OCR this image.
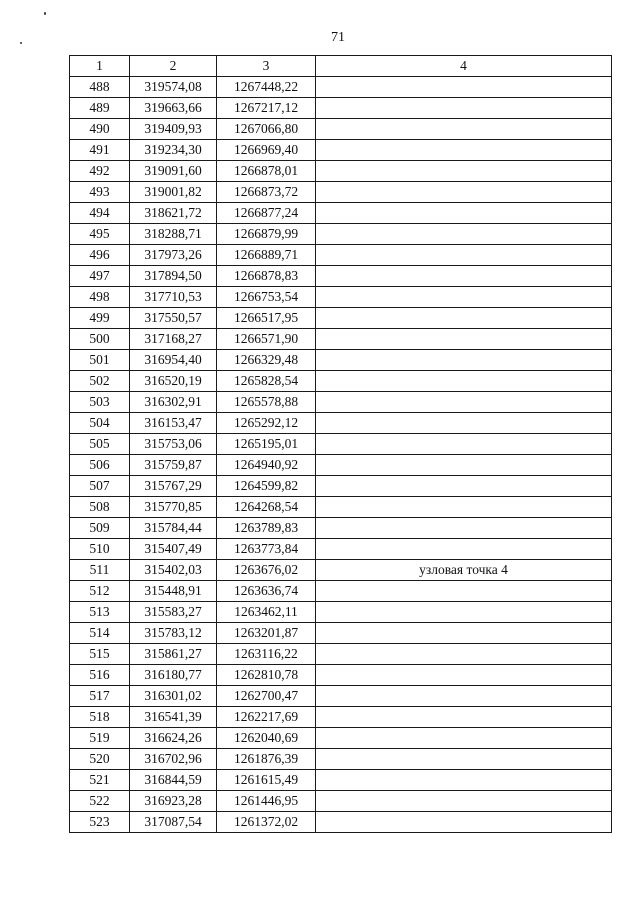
71
1	2	3	4
488	319574,08	1267448,22	
489	319663,66	1267217,12	
490	319409,93	1267066,80	
491	319234,30	1266969,40	
492	319091,60	1266878,01	
493	319001,82	1266873,72	
494	318621,72	1266877,24	
495	318288,71	1266879,99	
496	317973,26	1266889,71	
497	317894,50	1266878,83	
498	317710,53	1266753,54	
499	317550,57	1266517,95	
500	317168,27	1266571,90	
501	316954,40	1266329,48	
502	316520,19	1265828,54	
503	316302,91	1265578,88	
504	316153,47	1265292,12	
505	315753,06	1265195,01	
506	315759,87	1264940,92	
507	315767,29	1264599,82	
508	315770,85	1264268,54	
509	315784,44	1263789,83	
510	315407,49	1263773,84	
511	315402,03	1263676,02	узловая точка 4
512	315448,91	1263636,74	
513	315583,27	1263462,11	
514	315783,12	1263201,87	
515	315861,27	1263116,22	
516	316180,77	1262810,78	
517	316301,02	1262700,47	
518	316541,39	1262217,69	
519	316624,26	1262040,69	
520	316702,96	1261876,39	
521	316844,59	1261615,49	
522	316923,28	1261446,95	
523	317087,54	1261372,02	
